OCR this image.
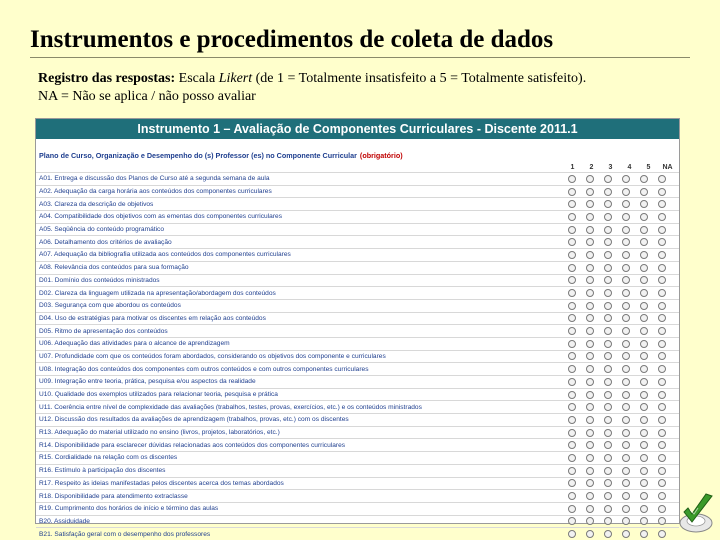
Instrumentos e procedimentos de coleta de dados
Registro das respostas: Escala Likert (de 1 = Totalmente insatisfeito a 5 = Totalmente satisfeito).
NA = Não se aplica / não posso avaliar
Instrumento 1 – Avaliação de Componentes Curriculares - Discente 2011.1
Plano de Curso, Organização e Desempenho do (s) Professor (es) no Componente Curricular (obrigatório)
1	2	3	4	5	NA
A01. Entrega e discussão dos Planos de Curso até a segunda semana de aula
A02. Adequação da carga horária aos conteúdos dos componentes curriculares
A03. Clareza da descrição de objetivos
A04. Compatibilidade dos objetivos com as ementas dos componentes curriculares
A05. Seqüência do conteúdo programático
A06. Detalhamento dos critérios de avaliação
A07. Adequação da bibliografia utilizada aos conteúdos dos componentes curriculares
A08. Relevância dos conteúdos para sua formação
D01. Domínio dos conteúdos ministrados
D02. Clareza da linguagem utilizada na apresentação/abordagem dos conteúdos
D03. Segurança com que abordou os conteúdos
D04. Uso de estratégias para motivar os discentes em relação aos conteúdos
D05. Ritmo de apresentação dos conteúdos
U06. Adequação das atividades para o alcance de aprendizagem
U07. Profundidade com que os conteúdos foram abordados, considerando os objetivos dos componente e curriculares
U08. Integração dos conteúdos dos componentes com outros conteúdos e com outros componentes curriculares
U09. Integração entre teoria, prática, pesquisa e/ou aspectos da realidade
U10. Qualidade dos exemplos utilizados para relacionar teoria, pesquisa e prática
U11. Coerência entre nível de complexidade das avaliações (trabalhos, testes, provas, exercícios, etc.) e os conteúdos ministrados
U12. Discussão dos resultados da avaliações de aprendizagem (trabalhos, provas, etc.) com os discentes
R13. Adequação do material utilizado no ensino (livros, projetos, laboratórios, etc.)
R14. Disponibilidade para esclarecer dúvidas relacionadas aos conteúdos dos componentes curriculares
R15. Cordialidade na relação com os discentes
R16. Estímulo à participação dos discentes
R17. Respeito às ideias manifestadas pelos discentes acerca dos temas abordados
R18. Disponibilidade para atendimento extraclasse
R19. Cumprimento dos horários de início e término das aulas
B20. Assiduidade
B21. Satisfação geral com o desempenho dos professores
